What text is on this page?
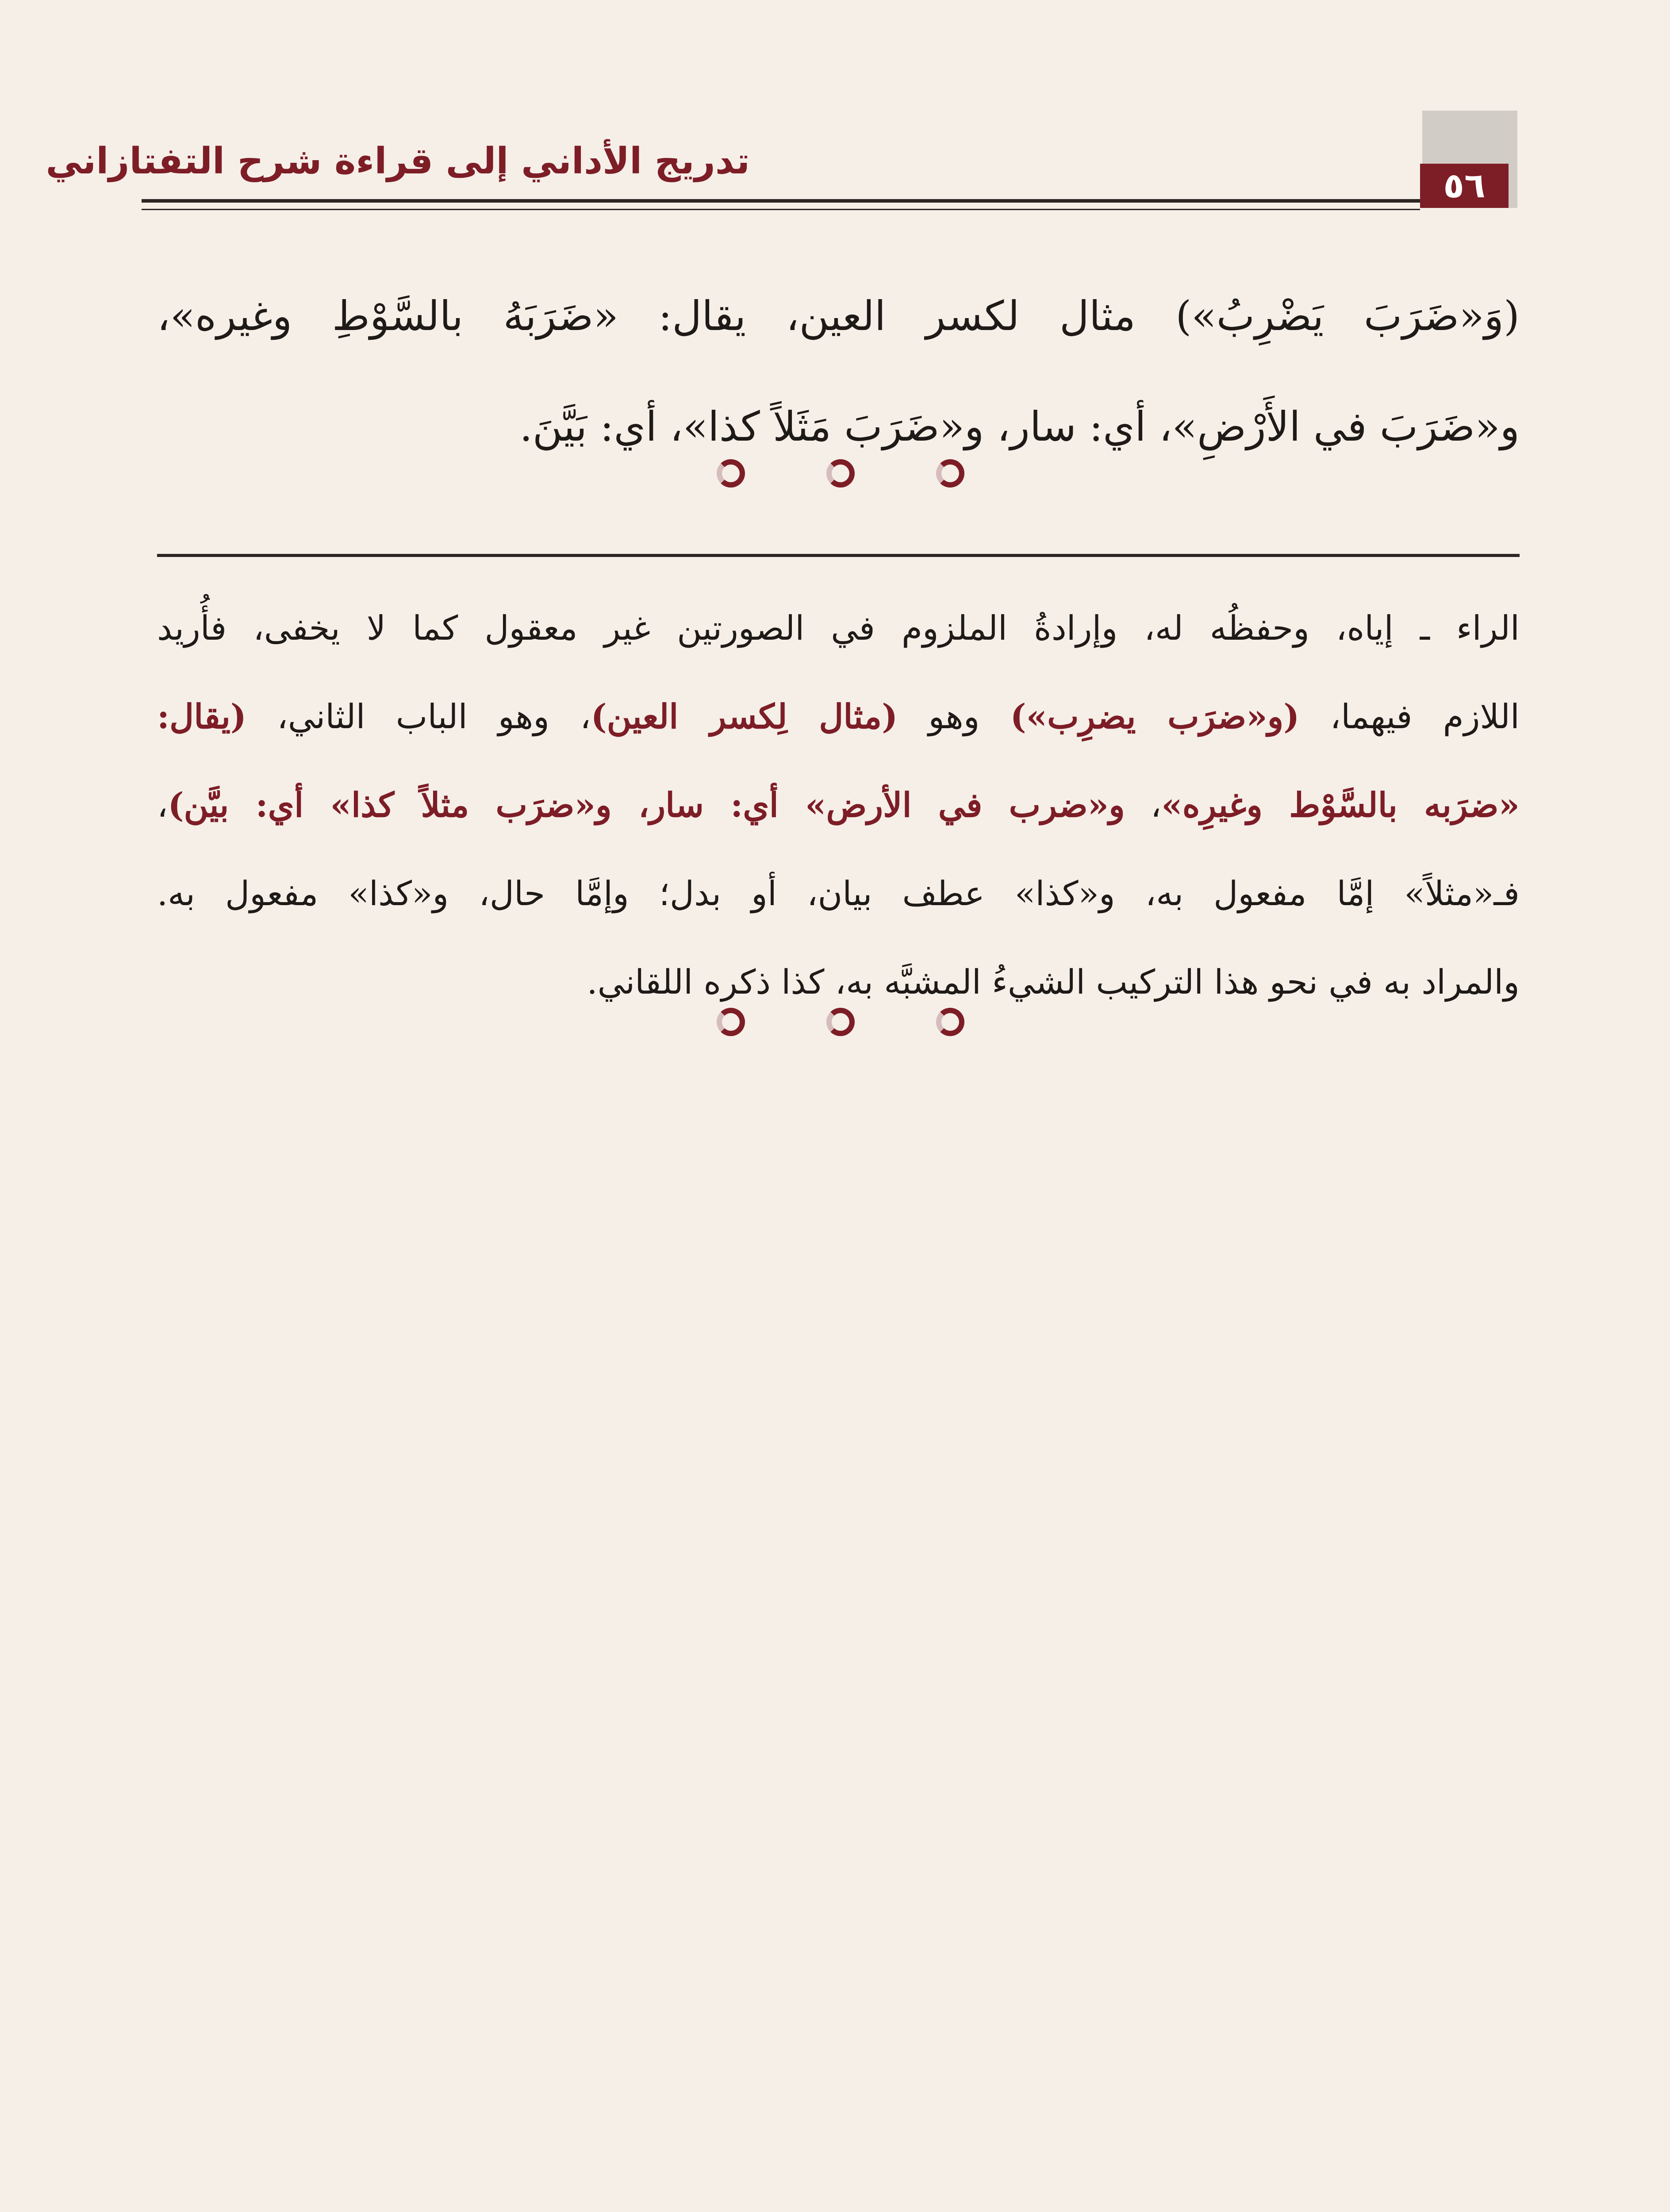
تدريج الأداني إلى قراءة شرح التفتازاني
٥٦
(وَ«ضَرَبَ يَضْرِبُ») مثال لكسر العين، يقال: «ضَرَبَهُ بالسَّوْطِ وغيره»،
و«ضَرَبَ في الأَرْضِ»، أي: سار، و«ضَرَبَ مَثَلاً كذا»، أي: بَيَّنَ.
الراء ـ إياه، وحفظُه له، وإرادةُ الملزوم في الصورتين غير معقول كما لا يخفى، فأُريد
اللازم فيهما، (و«ضرَب يضرِب») وهو (مثال لِكسر العين)، وهو الباب الثاني، (يقال:
«ضرَبه بالسَّوْط وغيرِه»، و«ضرب في الأرض» أي: سار، و«ضرَب مثلاً كذا» أي: بيَّن)،
فـ«مثلاً» إمَّا مفعول به، و«كذا» عطف بيان، أو بدل؛ وإمَّا حال، و«كذا» مفعول به.
والمراد به في نحو هذا التركيب الشيءُ المشبَّه به، كذا ذكره اللقاني.
